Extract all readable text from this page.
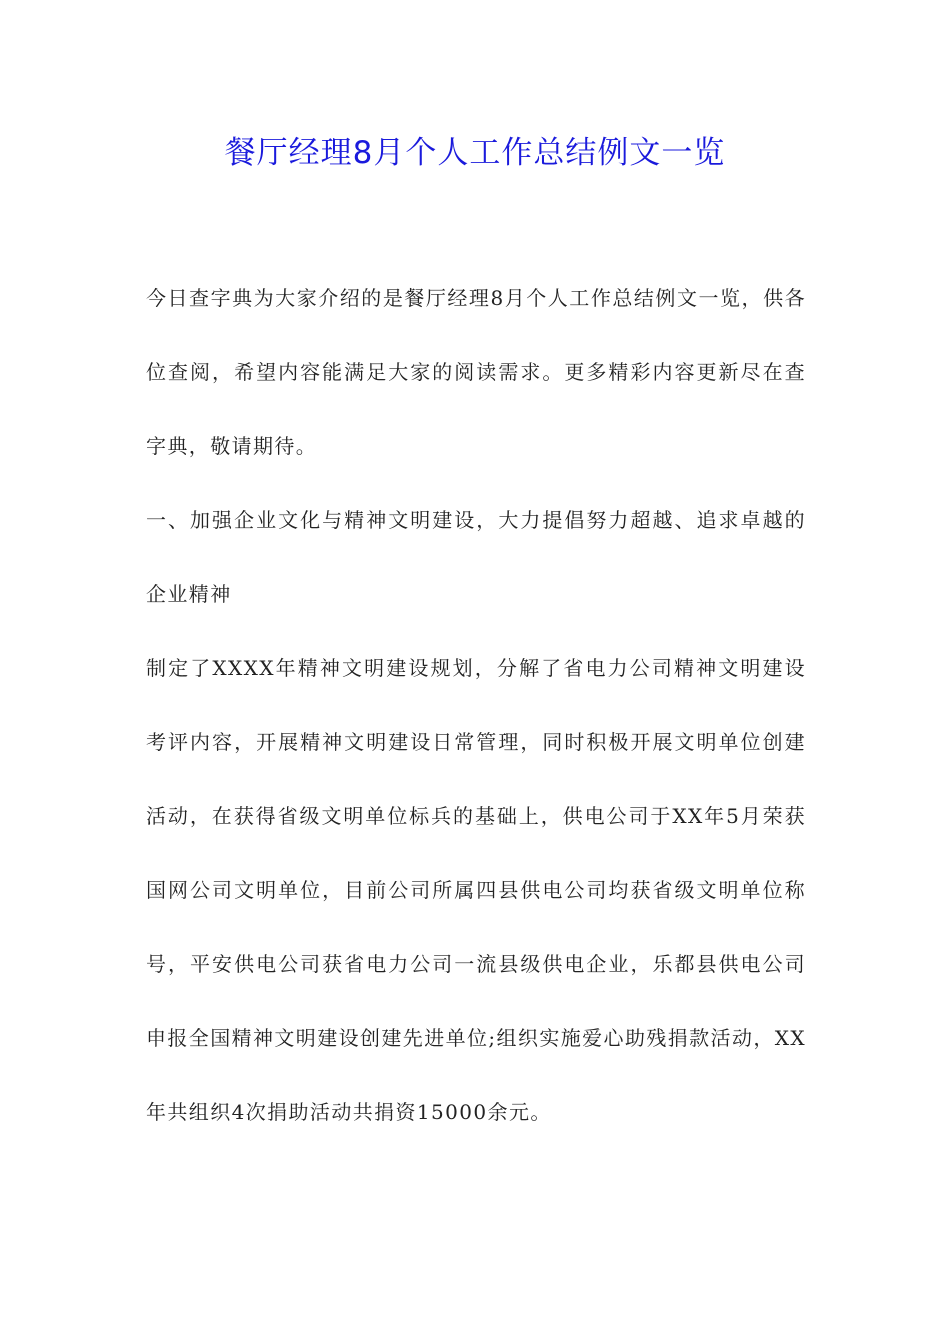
餐厅经理8月个人工作总结例文一览

今日查字典为大家介绍的是餐厅经理8月个人工作总结例文一览，供各位查阅，希望内容能满足大家的阅读需求。更多精彩内容更新尽在查字典，敬请期待。

一、加强企业文化与精神文明建设，大力提倡努力超越、追求卓越的企业精神

制定了XXXX年精神文明建设规划，分解了省电力公司精神文明建设考评内容，开展精神文明建设日常管理，同时积极开展文明单位创建活动，在获得省级文明单位标兵的基础上，供电公司于XX年5月荣获国网公司文明单位，目前公司所属四县供电公司均获省级文明单位称号，平安供电公司获省电力公司一流县级供电企业，乐都县供电公司申报全国精神文明建设创建先进单位;组织实施爱心助残捐款活动，XX年共组织4次捐助活动共捐资15000余元。
